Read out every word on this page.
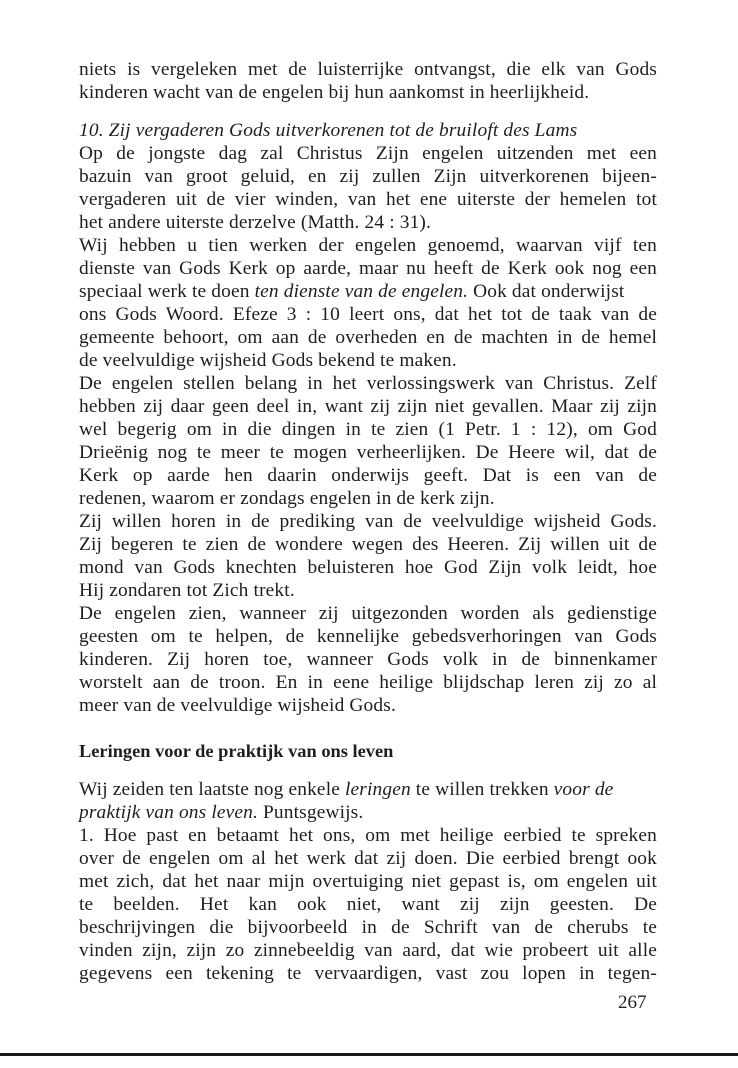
niets is vergeleken met de luisterrijke ontvangst, die elk van Gods
kinderen wacht van de engelen bij hun aankomst in heerlijkheid.
10. Zij vergaderen Gods uitverkorenen tot de bruiloft des Lams
Op de jongste dag zal Christus Zijn engelen uitzenden met een
bazuin van groot geluid, en zij zullen Zijn uitverkorenen bijeen-
vergaderen uit de vier winden, van het ene uiterste der hemelen tot
het andere uiterste derzelve (Matth. 24 : 31).
Wij hebben u tien werken der engelen genoemd, waarvan vijf ten
dienste van Gods Kerk op aarde, maar nu heeft de Kerk ook nog een
speciaal werk te doen ten dienste van de engelen. Ook dat onderwijst
ons Gods Woord. Efeze 3 : 10 leert ons, dat het tot de taak van de
gemeente behoort, om aan de overheden en de machten in de hemel
de veelvuldige wijsheid Gods bekend te maken.
De engelen stellen belang in het verlossingswerk van Christus. Zelf
hebben zij daar geen deel in, want zij zijn niet gevallen. Maar zij zijn
wel begerig om in die dingen in te zien (1 Petr. 1 : 12), om God
Drieënig nog te meer te mogen verheerlijken. De Heere wil, dat de
Kerk op aarde hen daarin onderwijs geeft. Dat is een van de
redenen, waarom er zondags engelen in de kerk zijn.
Zij willen horen in de prediking van de veelvuldige wijsheid Gods.
Zij begeren te zien de wondere wegen des Heeren. Zij willen uit de
mond van Gods knechten beluisteren hoe God Zijn volk leidt, hoe
Hij zondaren tot Zich trekt.
De engelen zien, wanneer zij uitgezonden worden als gedienstige
geesten om te helpen, de kennelijke gebedsverhoringen van Gods
kinderen. Zij horen toe, wanneer Gods volk in de binnenkamer
worstelt aan de troon. En in eene heilige blijdschap leren zij zo al
meer van de veelvuldige wijsheid Gods.
Leringen voor de praktijk van ons leven
Wij zeiden ten laatste nog enkele leringen te willen trekken voor de
praktijk van ons leven. Puntsgewijs.
1. Hoe past en betaamt het ons, om met heilige eerbied te spreken
over de engelen om al het werk dat zij doen. Die eerbied brengt ook
met zich, dat het naar mijn overtuiging niet gepast is, om engelen uit
te beelden. Het kan ook niet, want zij zijn geesten. De
beschrijvingen die bijvoorbeeld in de Schrift van de cherubs te
vinden zijn, zijn zo zinnebeeldig van aard, dat wie probeert uit alle
gegevens een tekening te vervaardigen, vast zou lopen in tegen-
267
